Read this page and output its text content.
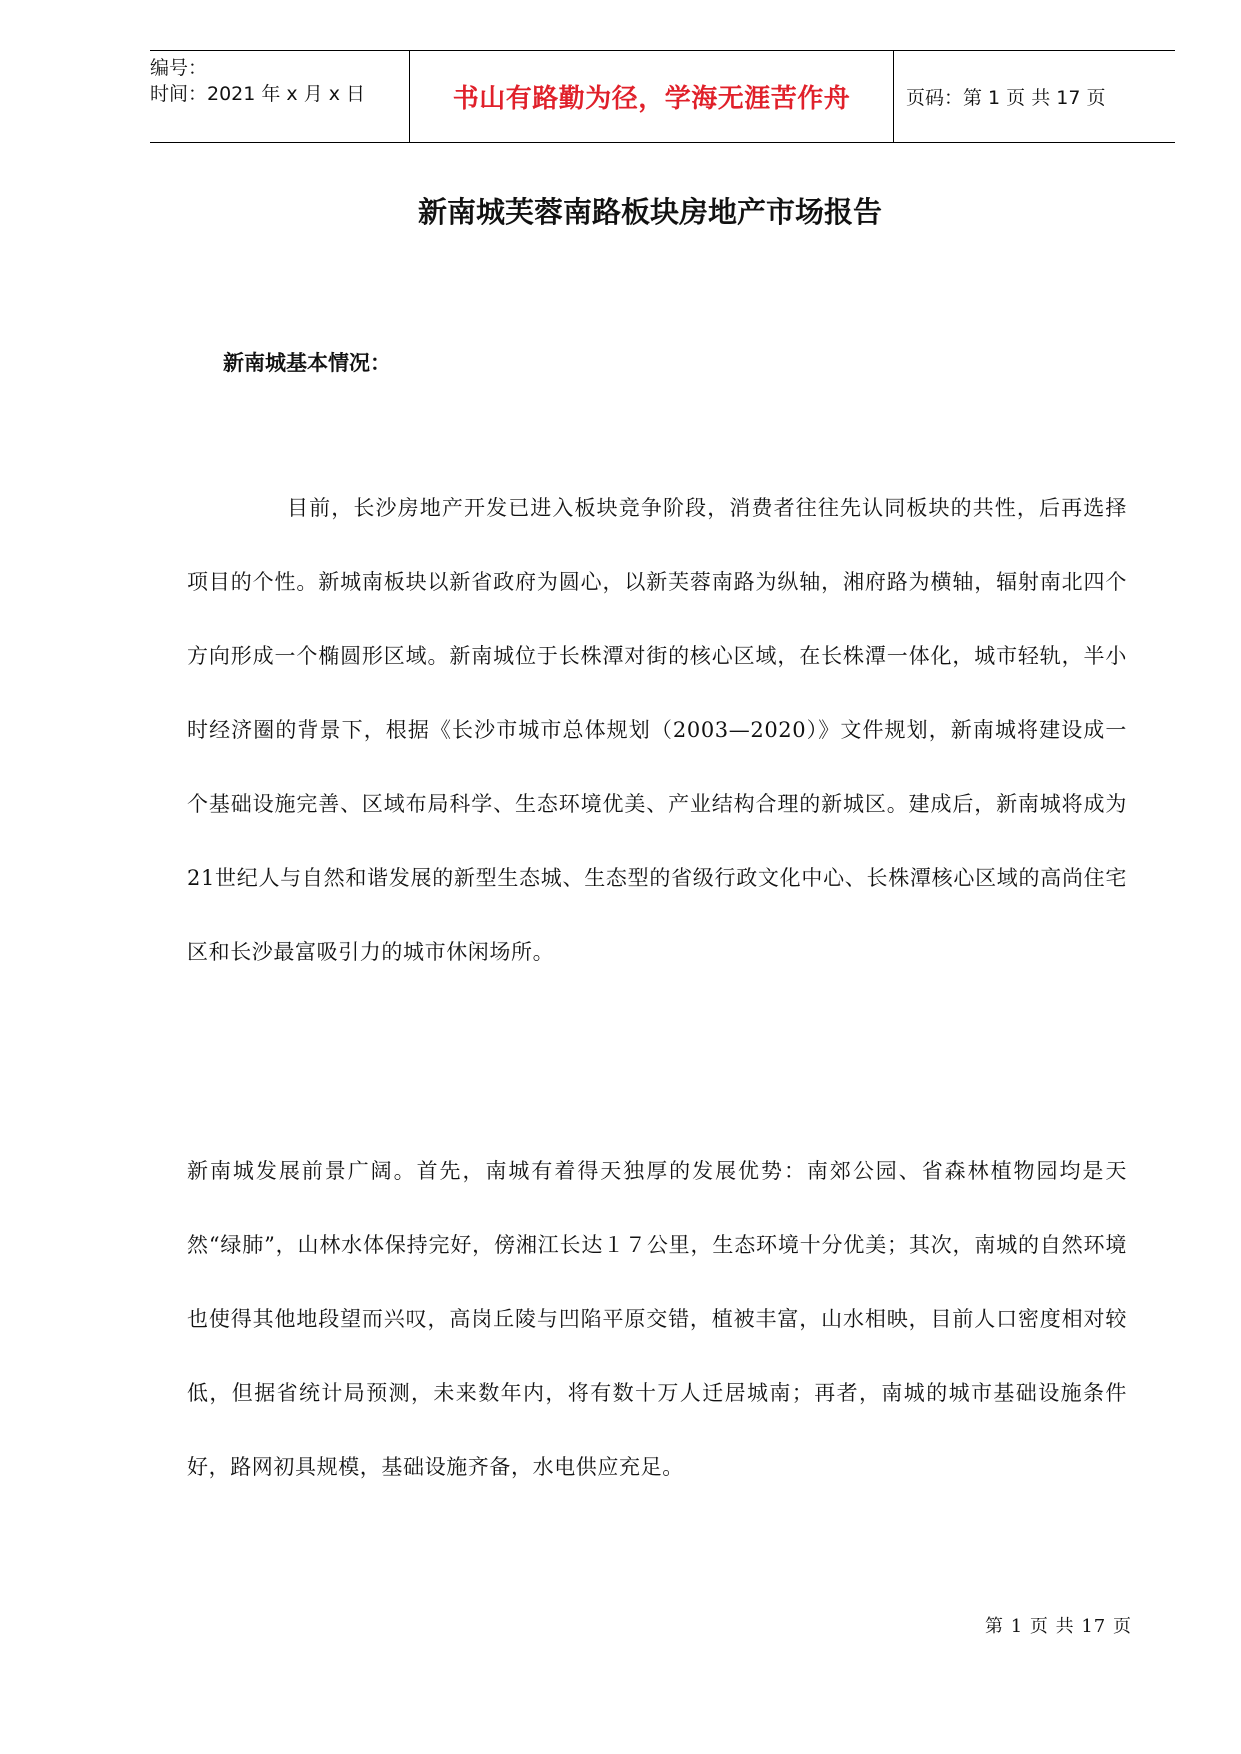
编号：
时间：2021 年 x 月 x 日	书山有路勤为径，学海无涯苦作舟	页码：第 1 页 共 17 页
新南城芙蓉南路板块房地产市场报告
新南城基本情况：

目前，长沙房地产开发已进入板块竞争阶段，消费者往往先认同板块的共性，后再选择项目的个性。新城南板块以新省政府为圆心，以新芙蓉南路为纵轴，湘府路为横轴，辐射南北四个方向形成一个椭圆形区域。新南城位于长株潭对街的核心区域，在长株潭一体化，城市轻轨，半小时经济圈的背景下，根据《长沙市城市总体规划（2003—2020）》文件规划，新南城将建设成一个基础设施完善、区域布局科学、生态环境优美、产业结构合理的新城区。建成后，新南城将成为21世纪人与自然和谐发展的新型生态城、生态型的省级行政文化中心、长株潭核心区域的高尚住宅区和长沙最富吸引力的城市休闲场所。

新南城发展前景广阔。首先，南城有着得天独厚的发展优势：南郊公园、省森林植物园均是天然“绿肺”，山林水体保持完好，傍湘江长达１７公里，生态环境十分优美；其次，南城的自然环境也使得其他地段望而兴叹，高岗丘陵与凹陷平原交错，植被丰富，山水相映，目前人口密度相对较低，但据省统计局预测，未来数年内，将有数十万人迁居城南；再者，南城的城市基础设施条件好，路网初具规模，基础设施齐备，水电供应充足。

第 1 页 共 17 页
